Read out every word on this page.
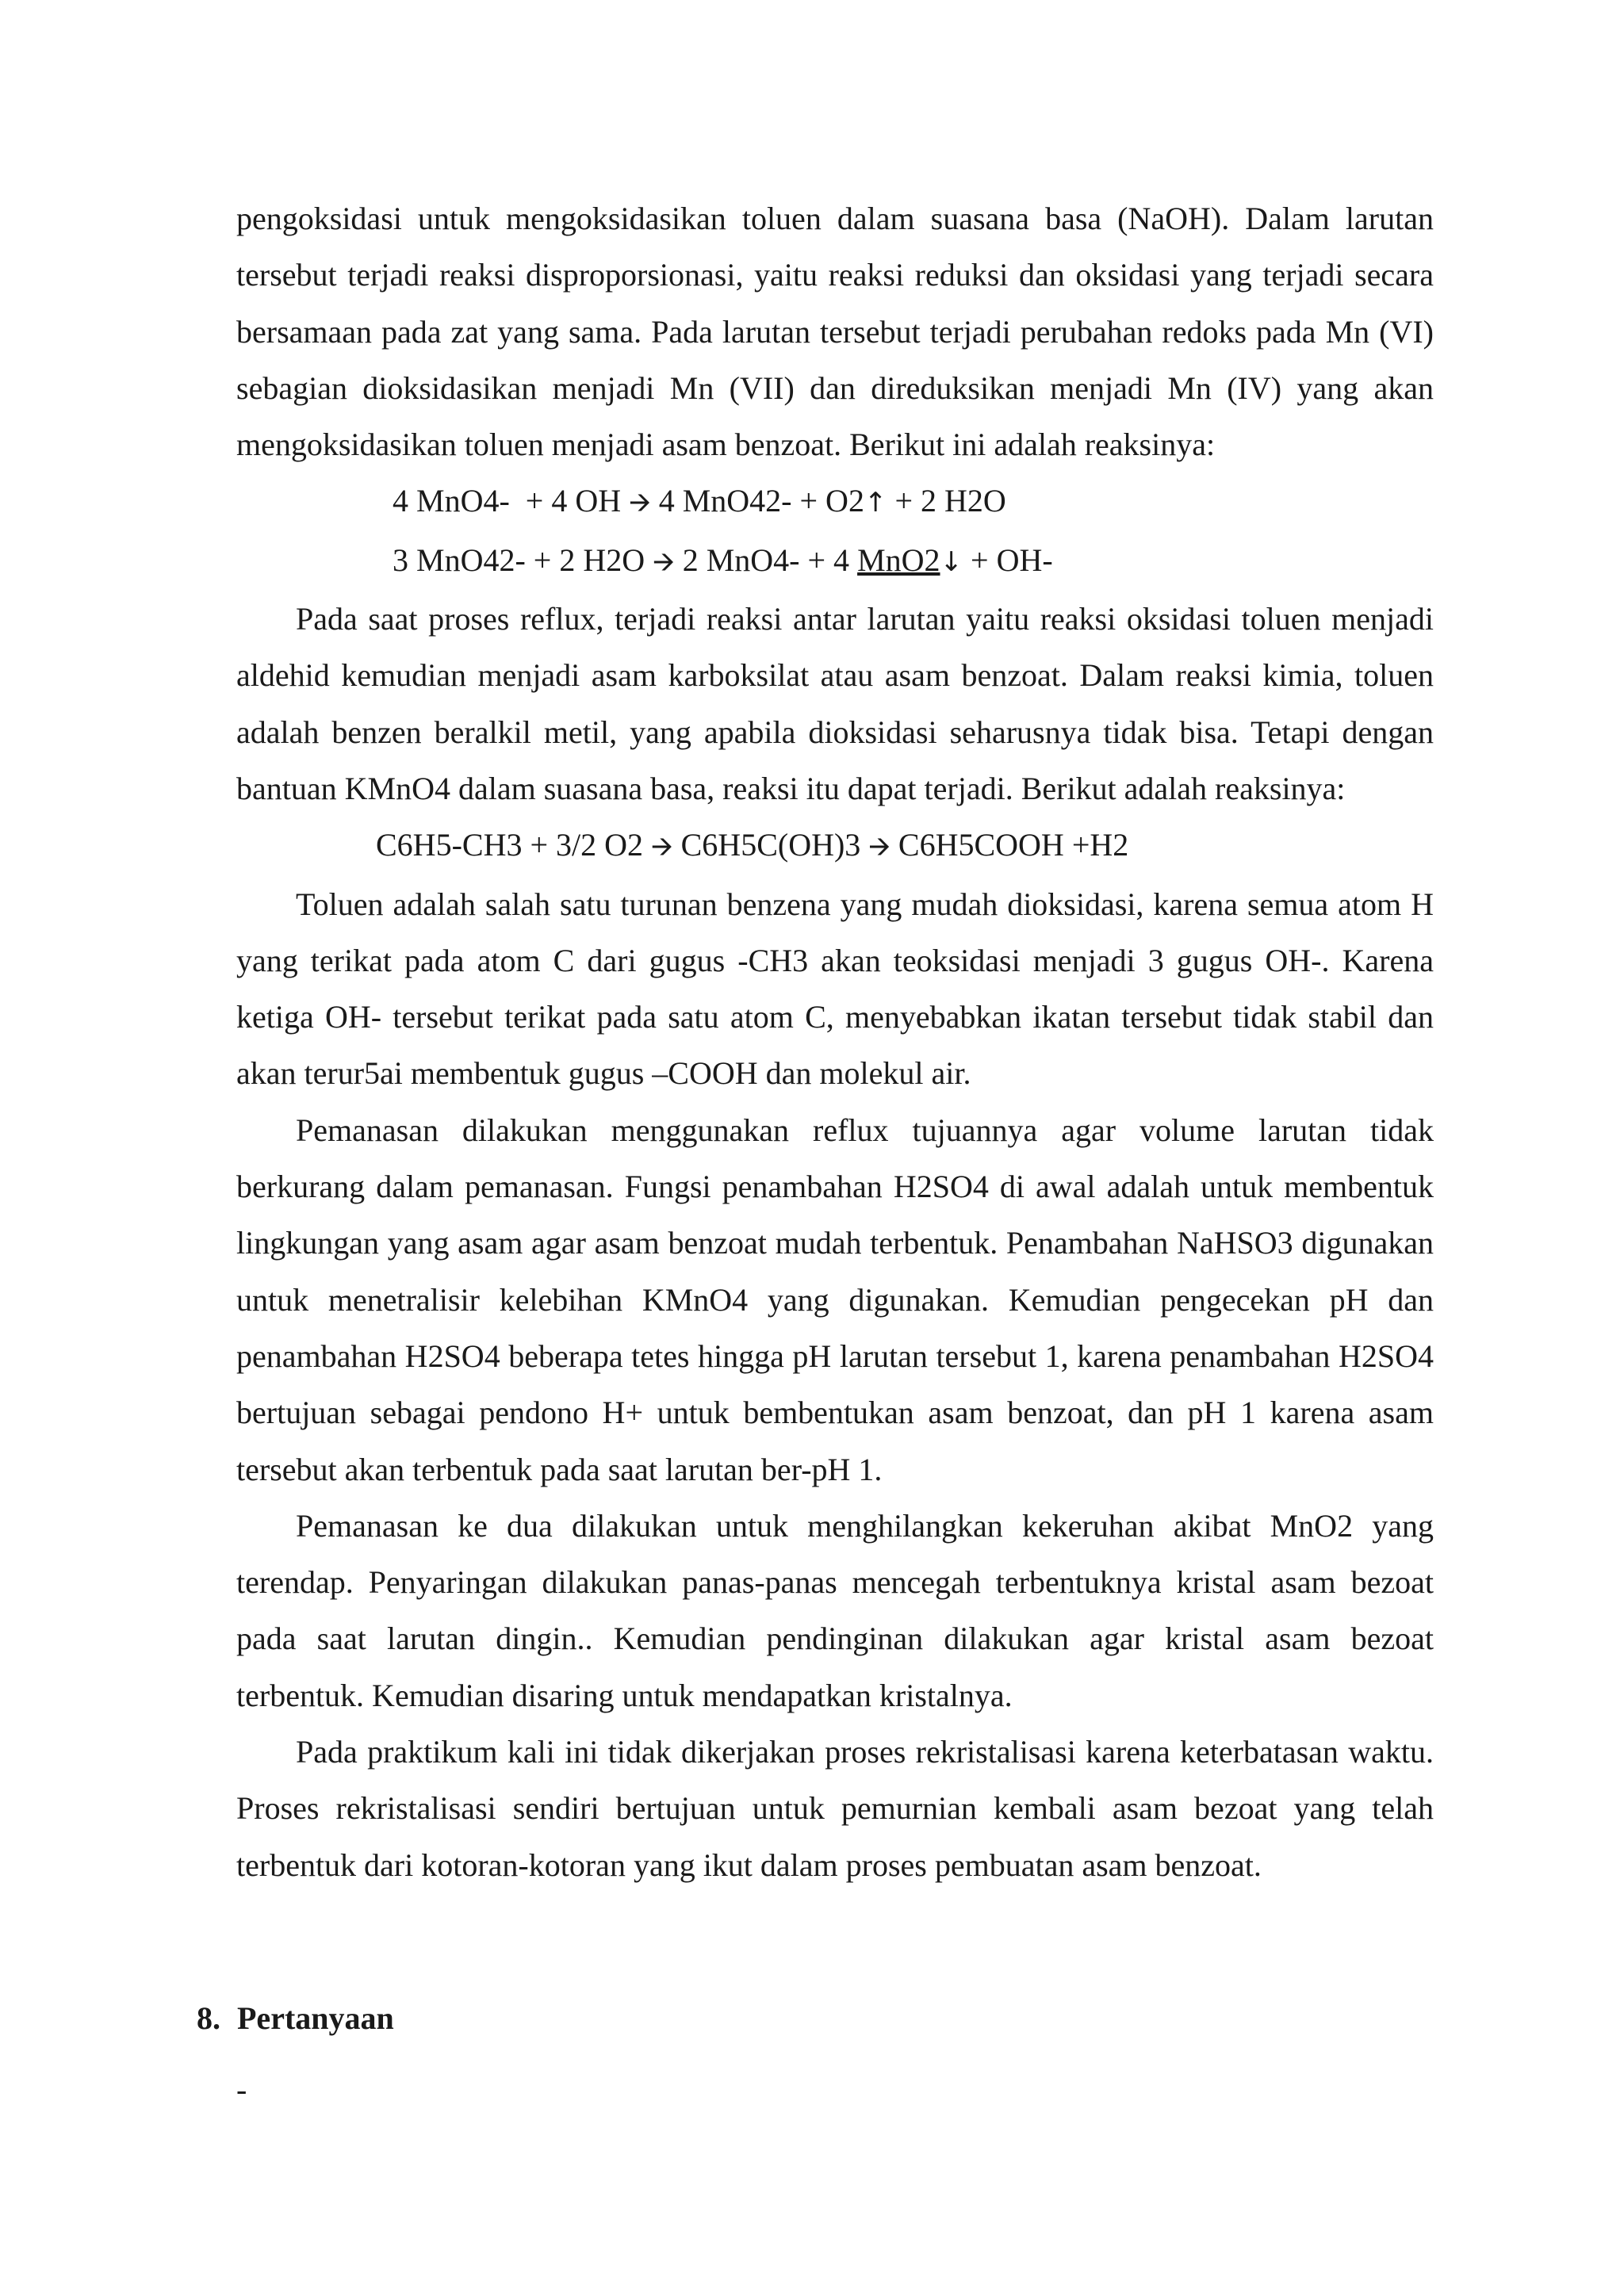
pengoksidasi untuk mengoksidasikan toluen dalam suasana basa (NaOH). Dalam larutan tersebut terjadi reaksi disproporsionasi, yaitu reaksi reduksi dan oksidasi yang terjadi secara bersamaan pada zat yang sama. Pada larutan tersebut terjadi perubahan redoks pada Mn (VI) sebagian dioksidasikan menjadi Mn (VII) dan direduksikan menjadi Mn (IV) yang akan mengoksidasikan toluen menjadi asam benzoat. Berikut ini adalah reaksinya:

4 MnO4-  + 4 OH 🡪 4 MnO42- + O2↑ + 2 H2O

3 MnO42- + 2 H2O 🡪 2 MnO4- + 4 MnO2↓ + OH-

Pada saat proses reflux, terjadi reaksi antar larutan yaitu reaksi oksidasi toluen menjadi aldehid kemudian menjadi asam karboksilat atau asam benzoat. Dalam reaksi kimia, toluen adalah benzen beralkil metil, yang apabila dioksidasi seharusnya tidak bisa. Tetapi dengan bantuan KMnO4 dalam suasana basa, reaksi itu dapat terjadi. Berikut adalah reaksinya:

C6H5-CH3 + 3/2 O2 🡪 C6H5C(OH)3 🡪 C6H5COOH +H2

Toluen adalah salah satu turunan benzena yang mudah dioksidasi, karena semua atom H yang terikat pada atom C dari gugus -CH3 akan teoksidasi menjadi 3 gugus OH-. Karena ketiga OH- tersebut terikat pada satu atom C, menyebabkan ikatan tersebut tidak stabil dan akan terur5ai membentuk gugus –COOH dan molekul air.

Pemanasan dilakukan menggunakan reflux tujuannya agar volume larutan tidak berkurang dalam pemanasan. Fungsi penambahan H2SO4 di awal adalah untuk membentuk lingkungan yang asam agar asam benzoat mudah terbentuk. Penambahan NaHSO3 digunakan untuk menetralisir kelebihan KMnO4 yang digunakan. Kemudian pengecekan pH dan penambahan H2SO4 beberapa tetes hingga pH larutan tersebut 1, karena penambahan H2SO4 bertujuan sebagai pendono H+ untuk bembentukan asam benzoat, dan pH 1 karena asam tersebut akan terbentuk pada saat larutan ber-pH 1.

Pemanasan ke dua dilakukan untuk menghilangkan kekeruhan akibat MnO2 yang terendap. Penyaringan dilakukan panas-panas mencegah terbentuknya kristal asam bezoat pada saat larutan dingin.. Kemudian pendinginan dilakukan agar kristal asam bezoat terbentuk. Kemudian disaring untuk mendapatkan kristalnya.

Pada praktikum kali ini tidak dikerjakan proses rekristalisasi karena keterbatasan waktu. Proses rekristalisasi sendiri bertujuan untuk pemurnian kembali asam bezoat yang telah terbentuk dari kotoran-kotoran yang ikut dalam proses pembuatan asam benzoat.

8. Pertanyaan
-
